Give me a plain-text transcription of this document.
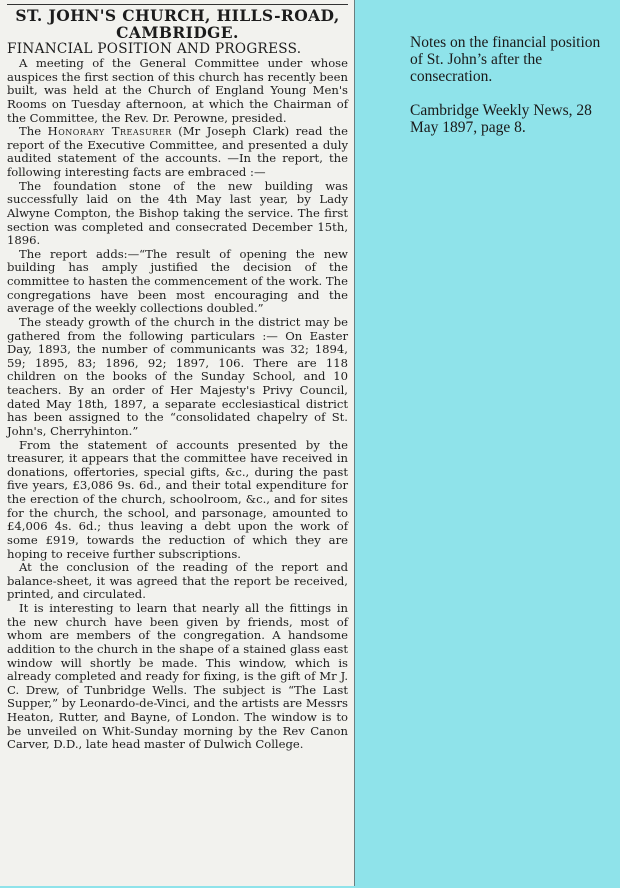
ST. JOHN'S CHURCH, HILLS-ROAD,
CAMBRIDGE.
FINANCIAL POSITION AND PROGRESS.

A meeting of the General Committee under whose auspices the first section of this church has recently been built, was held at the Church of England Young Men's Rooms on Tuesday afternoon, at which the Chairman of the Committee, the Rev. Dr. Perowne, presided.

The Honorary Treasurer (Mr Joseph Clark) read the report of the Executive Committee, and presented a duly audited statement of the accounts. —In the report, the following interesting facts are embraced :—

The foundation stone of the new building was successfully laid on the 4th May last year, by Lady Alwyne Compton, the Bishop taking the service. The first section was completed and consecrated December 15th, 1896.

The report adds:—“The result of opening the new building has amply justified the decision of the committee to hasten the commencement of the work. The congregations have been most encouraging and the average of the weekly collections doubled.”

The steady growth of the church in the district may be gathered from the following particulars :— On Easter Day, 1893, the number of communicants was 32; 1894, 59; 1895, 83; 1896, 92; 1897, 106. There are 118 children on the books of the Sunday School, and 10 teachers. By an order of Her Majesty's Privy Council, dated May 18th, 1897, a separate ecclesiastical district has been assigned to the “consolidated chapelry of St. John's, Cherryhinton.”

From the statement of accounts presented by the treasurer, it appears that the committee have received in donations, offertories, special gifts, &c., during the past five years, £3,086 9s. 6d., and their total expenditure for the erection of the church, schoolroom, &c., and for sites for the church, the school, and parsonage, amounted to £4,006 4s. 6d.; thus leaving a debt upon the work of some £919, towards the reduction of which they are hoping to receive further subscriptions.

At the conclusion of the reading of the report and balance-sheet, it was agreed that the report be received, printed, and circulated.

It is interesting to learn that nearly all the fittings in the new church have been given by friends, most of whom are members of the congregation. A handsome addition to the church in the shape of a stained glass east window will shortly be made. This window, which is already completed and ready for fixing, is the gift of Mr J. C. Drew, of Tunbridge Wells. The subject is “The Last Supper,” by Leonardo-de-Vinci, and the artists are Messrs Heaton, Rutter, and Bayne, of London. The window is to be unveiled on Whit-Sunday morning by the Rev Canon Carver, D.D., late head master of Dulwich College.

Notes on the financial position of St. John’s after the consecration.

Cambridge Weekly News, 28 May 1897, page 8.
